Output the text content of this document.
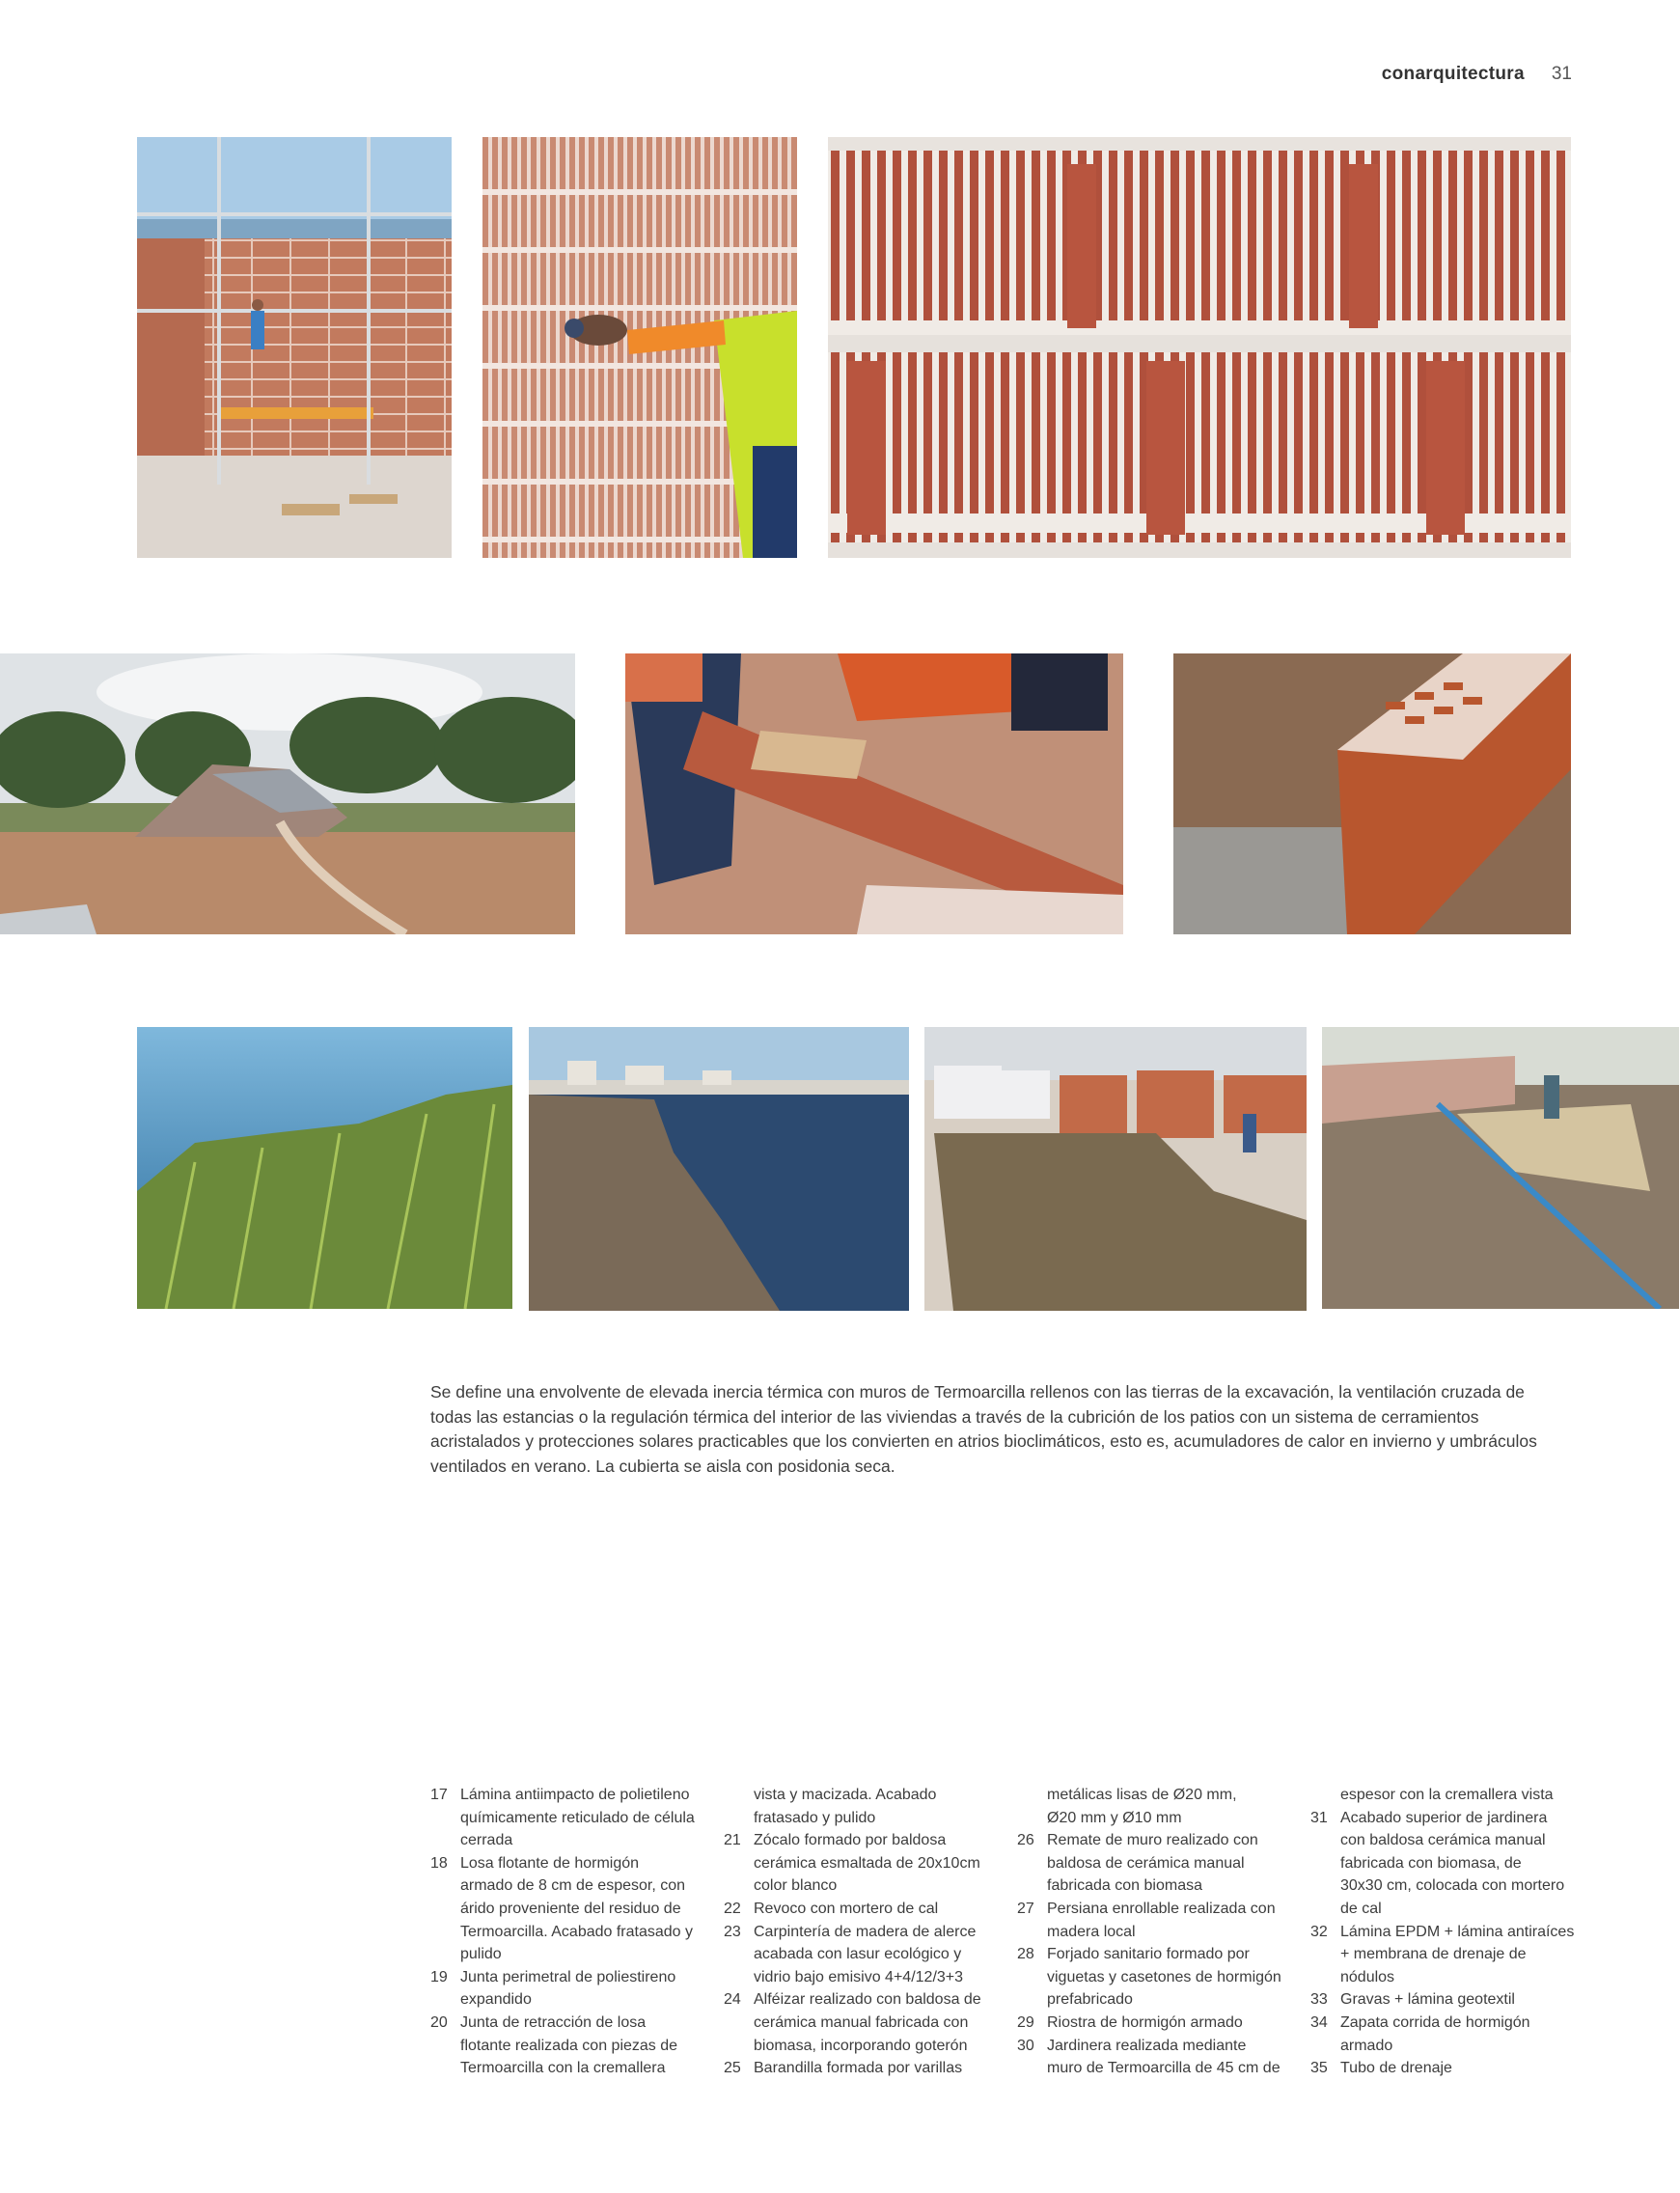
conarquitectura 31

Se define una envolvente de elevada inercia térmica con muros de Termoarcilla rellenos con las tierras de la excavación, la ventilación cruzada de todas las estancias o la regulación térmica del interior de las viviendas a través de la cubrición de los patios con un sistema de cerramientos acristalados y protecciones solares practicables que los convierten en atrios bioclimáticos, esto es, acumuladores de calor en invierno y umbráculos ventilados en verano. La cubierta se aisla con posidonia seca.

17 Lámina antiimpacto de polietileno
químicamente reticulado de célula
cerrada
18 Losa flotante de hormigón
armado de 8 cm de espesor, con
árido proveniente del residuo de
Termoarcilla. Acabado fratasado y
pulido
19 Junta perimetral de poliestireno
expandido
20 Junta de retracción de losa
flotante realizada con piezas de
Termoarcilla con la cremallera
vista y macizada. Acabado
fratasado y pulido
21 Zócalo formado por baldosa
cerámica esmaltada de 20x10cm
color blanco
22 Revoco con mortero de cal
23 Carpintería de madera de alerce
acabada con lasur ecológico y
vidrio bajo emisivo 4+4/12/3+3
24 Alféizar realizado con baldosa de
cerámica manual fabricada con
biomasa, incorporando goterón
25 Barandilla formada por varillas
metálicas lisas de Ø20 mm,
Ø20 mm y Ø10 mm
26 Remate de muro realizado con
baldosa de cerámica manual
fabricada con biomasa
27 Persiana enrollable realizada con
madera local
28 Forjado sanitario formado por
viguetas y casetones de hormigón
prefabricado
29 Riostra de hormigón armado
30 Jardinera realizada mediante
muro de Termoarcilla de 45 cm de
espesor con la cremallera vista
31 Acabado superior de jardinera
con baldosa cerámica manual
fabricada con biomasa, de
30x30 cm, colocada con mortero
de cal
32 Lámina EPDM + lámina antiraíces
+ membrana de drenaje de
nódulos
33 Gravas + lámina geotextil
34 Zapata corrida de hormigón
armado
35 Tubo de drenaje
